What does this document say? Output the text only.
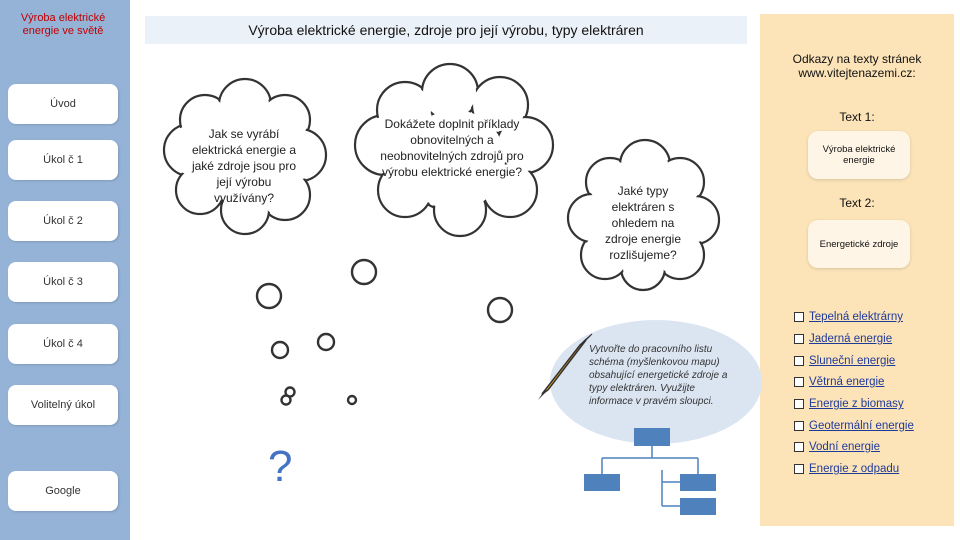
Výroba elektrické energie ve světě
Úvod
Úkol č 1
Úkol č 2
Úkol č 3
Úkol č 4
Volitelný úkol
Google
Výroba elektrické energie, zdroje pro její výrobu, typy elektráren
Odkazy na texty stránek www.vitejtenazemi.cz:
Text 1:
Výroba elektrické energie
Text 2:
Energetické zdroje
Jak se vyrábí elektrická energie a jaké zdroje jsou pro její výrobu využívány?
Dokážete doplnit příklady obnovitelných a neobnovitelných zdrojů pro výrobu elektrické energie?
Jaké typy elektráren s ohledem na zdroje energie rozlišujeme?
Vytvořte do pracovního listu schéma (myšlenkovou mapu) obsahující energetické zdroje a typy elektráren. Využijte informace v pravém sloupci.
?
Tepelná elektrárny
Jaderná energie
Sluneční energie
Větrná energie
Energie z biomasy
Geotermální energie
Vodní energie
Energie z odpadu
